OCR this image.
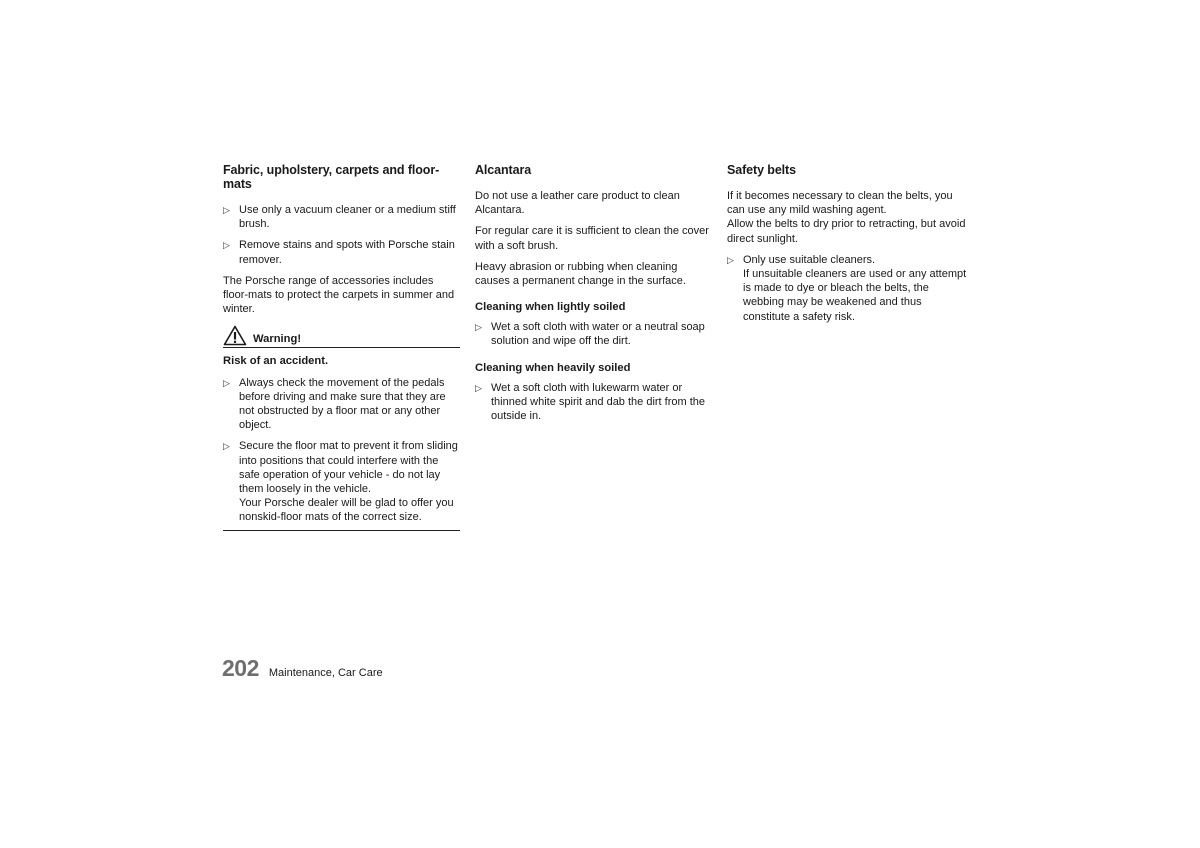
Fabric, upholstery, carpets and floor-
mats
▷ Use only a vacuum cleaner or a medium stiff brush.
▷ Remove stains and spots with Porsche stain remover.

The Porsche range of accessories includes floor-mats to protect the carpets in summer and winter.

Warning!
Risk of an accident.
▷ Always check the movement of the pedals before driving and make sure that they are not obstructed by a floor mat or any other object.
▷ Secure the floor mat to prevent it from sliding into positions that could interfere with the safe operation of your vehicle - do not lay them loosely in the vehicle.
Your Porsche dealer will be glad to offer you nonskid-floor mats of the correct size.
Alcantara

Do not use a leather care product to clean Alcantara.

For regular care it is sufficient to clean the cover with a soft brush.

Heavy abrasion or rubbing when cleaning causes a permanent change in the surface.

Cleaning when lightly soiled
▷ Wet a soft cloth with water or a neutral soap solution and wipe off the dirt.
Cleaning when heavily soiled
▷ Wet a soft cloth with lukewarm water or thinned white spirit and dab the dirt from the outside in.
Safety belts

If it becomes necessary to clean the belts, you can use any mild washing agent.

Allow the belts to dry prior to retracting, but avoid direct sunlight.

▷ Only use suitable cleaners.
If unsuitable cleaners are used or any attempt is made to dye or bleach the belts, the webbing may be weakened and thus constitute a safety risk.
202 Maintenance, Car Care
